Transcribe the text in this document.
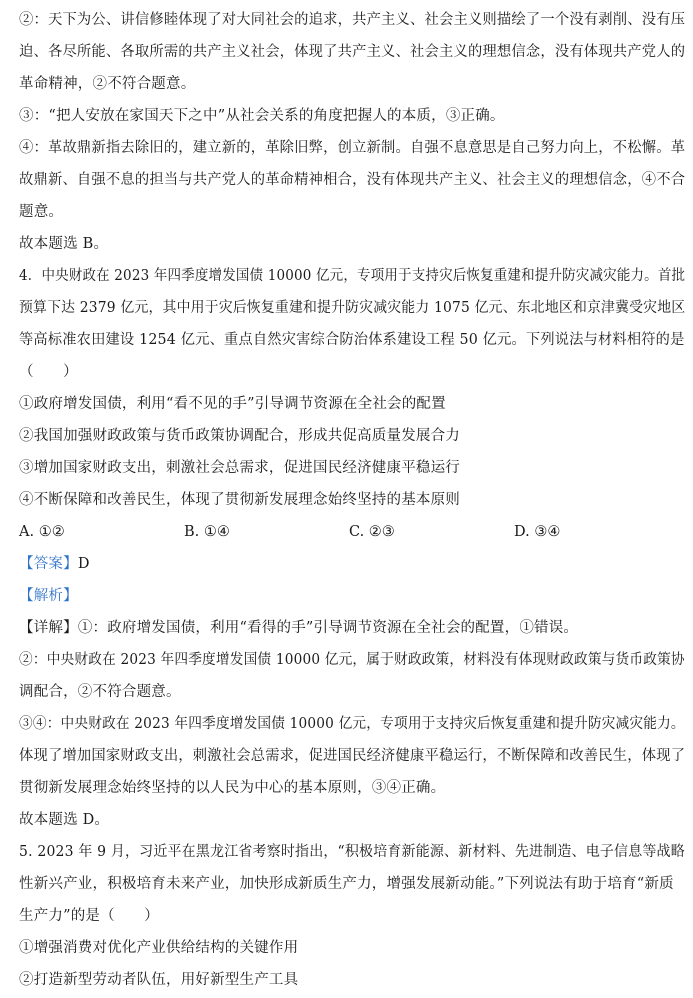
②：天下为公、讲信修睦体现了对大同社会的追求，共产主义、社会主义则描绘了一个没有剥削、没有压
迫、各尽所能、各取所需的共产主义社会，体现了共产主义、社会主义的理想信念，没有体现共产党人的
革命精神，②不符合题意。
③：“把人安放在家国天下之中”从社会关系的角度把握人的本质，③正确。
④：革故鼎新指去除旧的，建立新的，革除旧弊，创立新制。自强不息意思是自己努力向上，不松懈。革
故鼎新、自强不息的担当与共产党人的革命精神相合，没有体现共产主义、社会主义的理想信念，④不合
题意。
故本题选 B。
4．中央财政在 2023 年四季度增发国债 10000 亿元，专项用于支持灾后恢复重建和提升防灾减灾能力。首批
预算下达 2379 亿元，其中用于灾后恢复重建和提升防灾减灾能力 1075 亿元、东北地区和京津冀受灾地区
等高标准农田建设 1254 亿元、重点自然灾害综合防治体系建设工程 50 亿元。下列说法与材料相符的是
（　　）
①政府增发国债，利用“看不见的手”引导调节资源在全社会的配置
②我国加强财政政策与货币政策协调配合，形成共促高质量发展合力
③增加国家财政支出，刺激社会总需求，促进国民经济健康平稳运行
④不断保障和改善民生，体现了贯彻新发展理念始终坚持的基本原则
A. ①②	B. ①④	C. ②③	D. ③④
【答案】D
【解析】
【详解】①：政府增发国债，利用“看得的手”引导调节资源在全社会的配置，①错误。
②：中央财政在 2023 年四季度增发国债 10000 亿元，属于财政政策，材料没有体现财政政策与货币政策协
调配合，②不符合题意。
③④：中央财政在 2023 年四季度增发国债 10000 亿元，专项用于支持灾后恢复重建和提升防灾减灾能力。
体现了增加国家财政支出，刺激社会总需求，促进国民经济健康平稳运行，不断保障和改善民生，体现了
贯彻新发展理念始终坚持的以人民为中心的基本原则，③④正确。
故本题选 D。
5. 2023 年 9 月，习近平在黑龙江省考察时指出，“积极培育新能源、新材料、先进制造、电子信息等战略
性新兴产业，积极培育未来产业，加快形成新质生产力，增强发展新动能。”下列说法有助于培育“新质
生产力”的是（　　）
①增强消费对优化产业供给结构的关键作用
②打造新型劳动者队伍，用好新型生产工具
